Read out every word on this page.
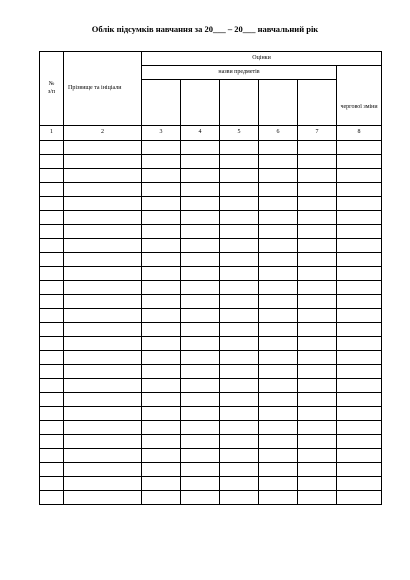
Облік підсумків навчання за 20___ – 20___ навчальний рік
№
з/п	Прізвище та ініціали	Оцінки					
		назви предметів					чергової зміни

1	2	3	4	5	6	7	8
